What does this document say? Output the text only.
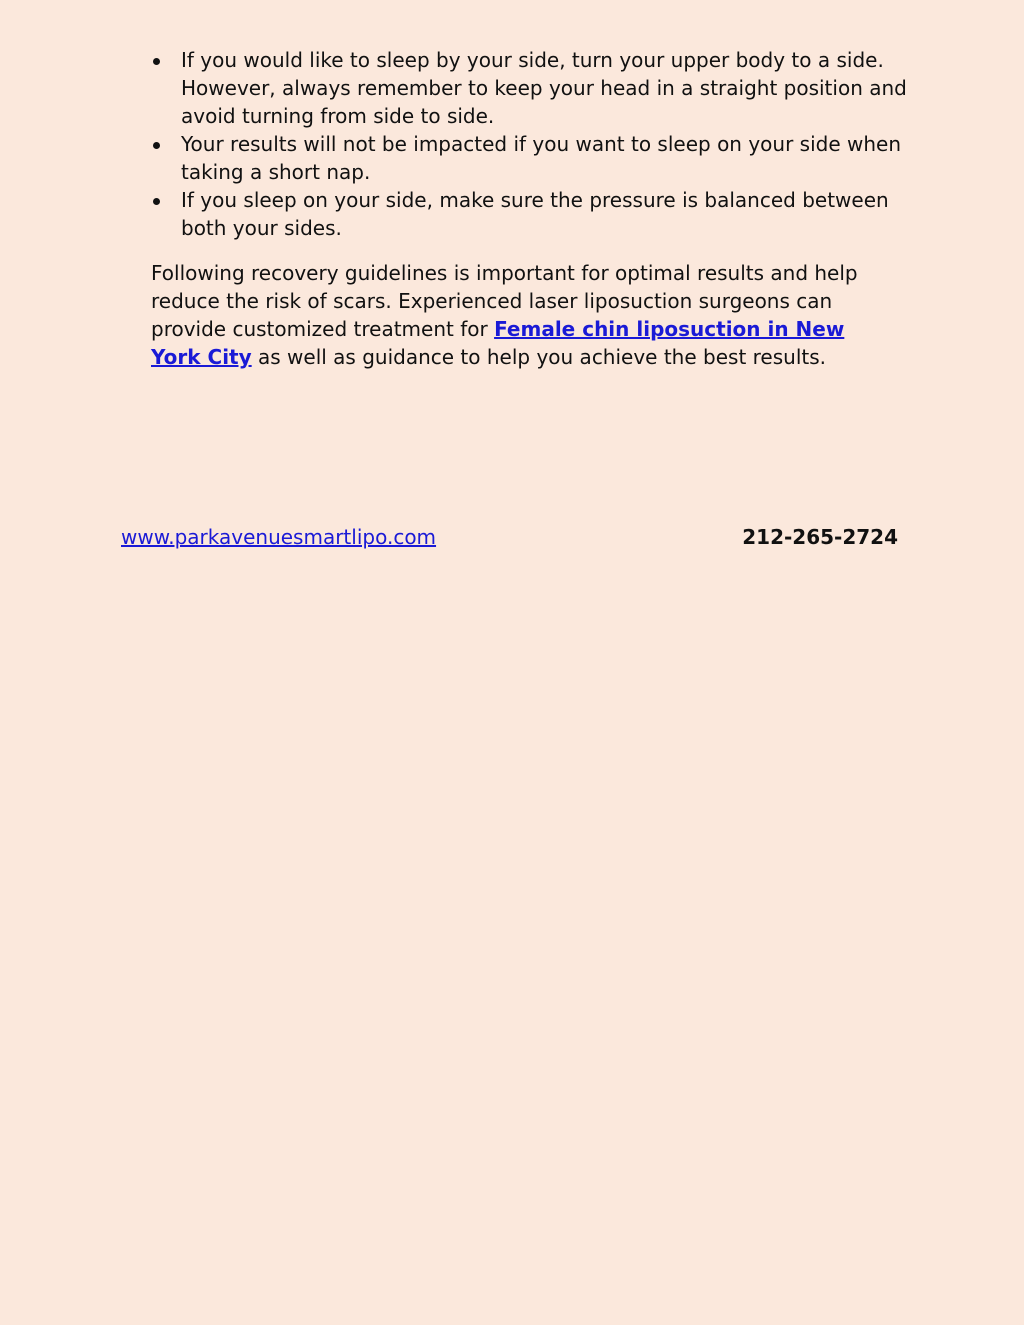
If you would like to sleep by your side, turn your upper body to a side. However, always remember to keep your head in a straight position and avoid turning from side to side.
Your results will not be impacted if you want to sleep on your side when taking a short nap.
If you sleep on your side, make sure the pressure is balanced between both your sides.

Following recovery guidelines is important for optimal results and help reduce the risk of scars. Experienced laser liposuction surgeons can provide customized treatment for Female chin liposuction in New York City as well as guidance to help you achieve the best results.

www.parkavenuesmartlipo.com	212-265-2724
